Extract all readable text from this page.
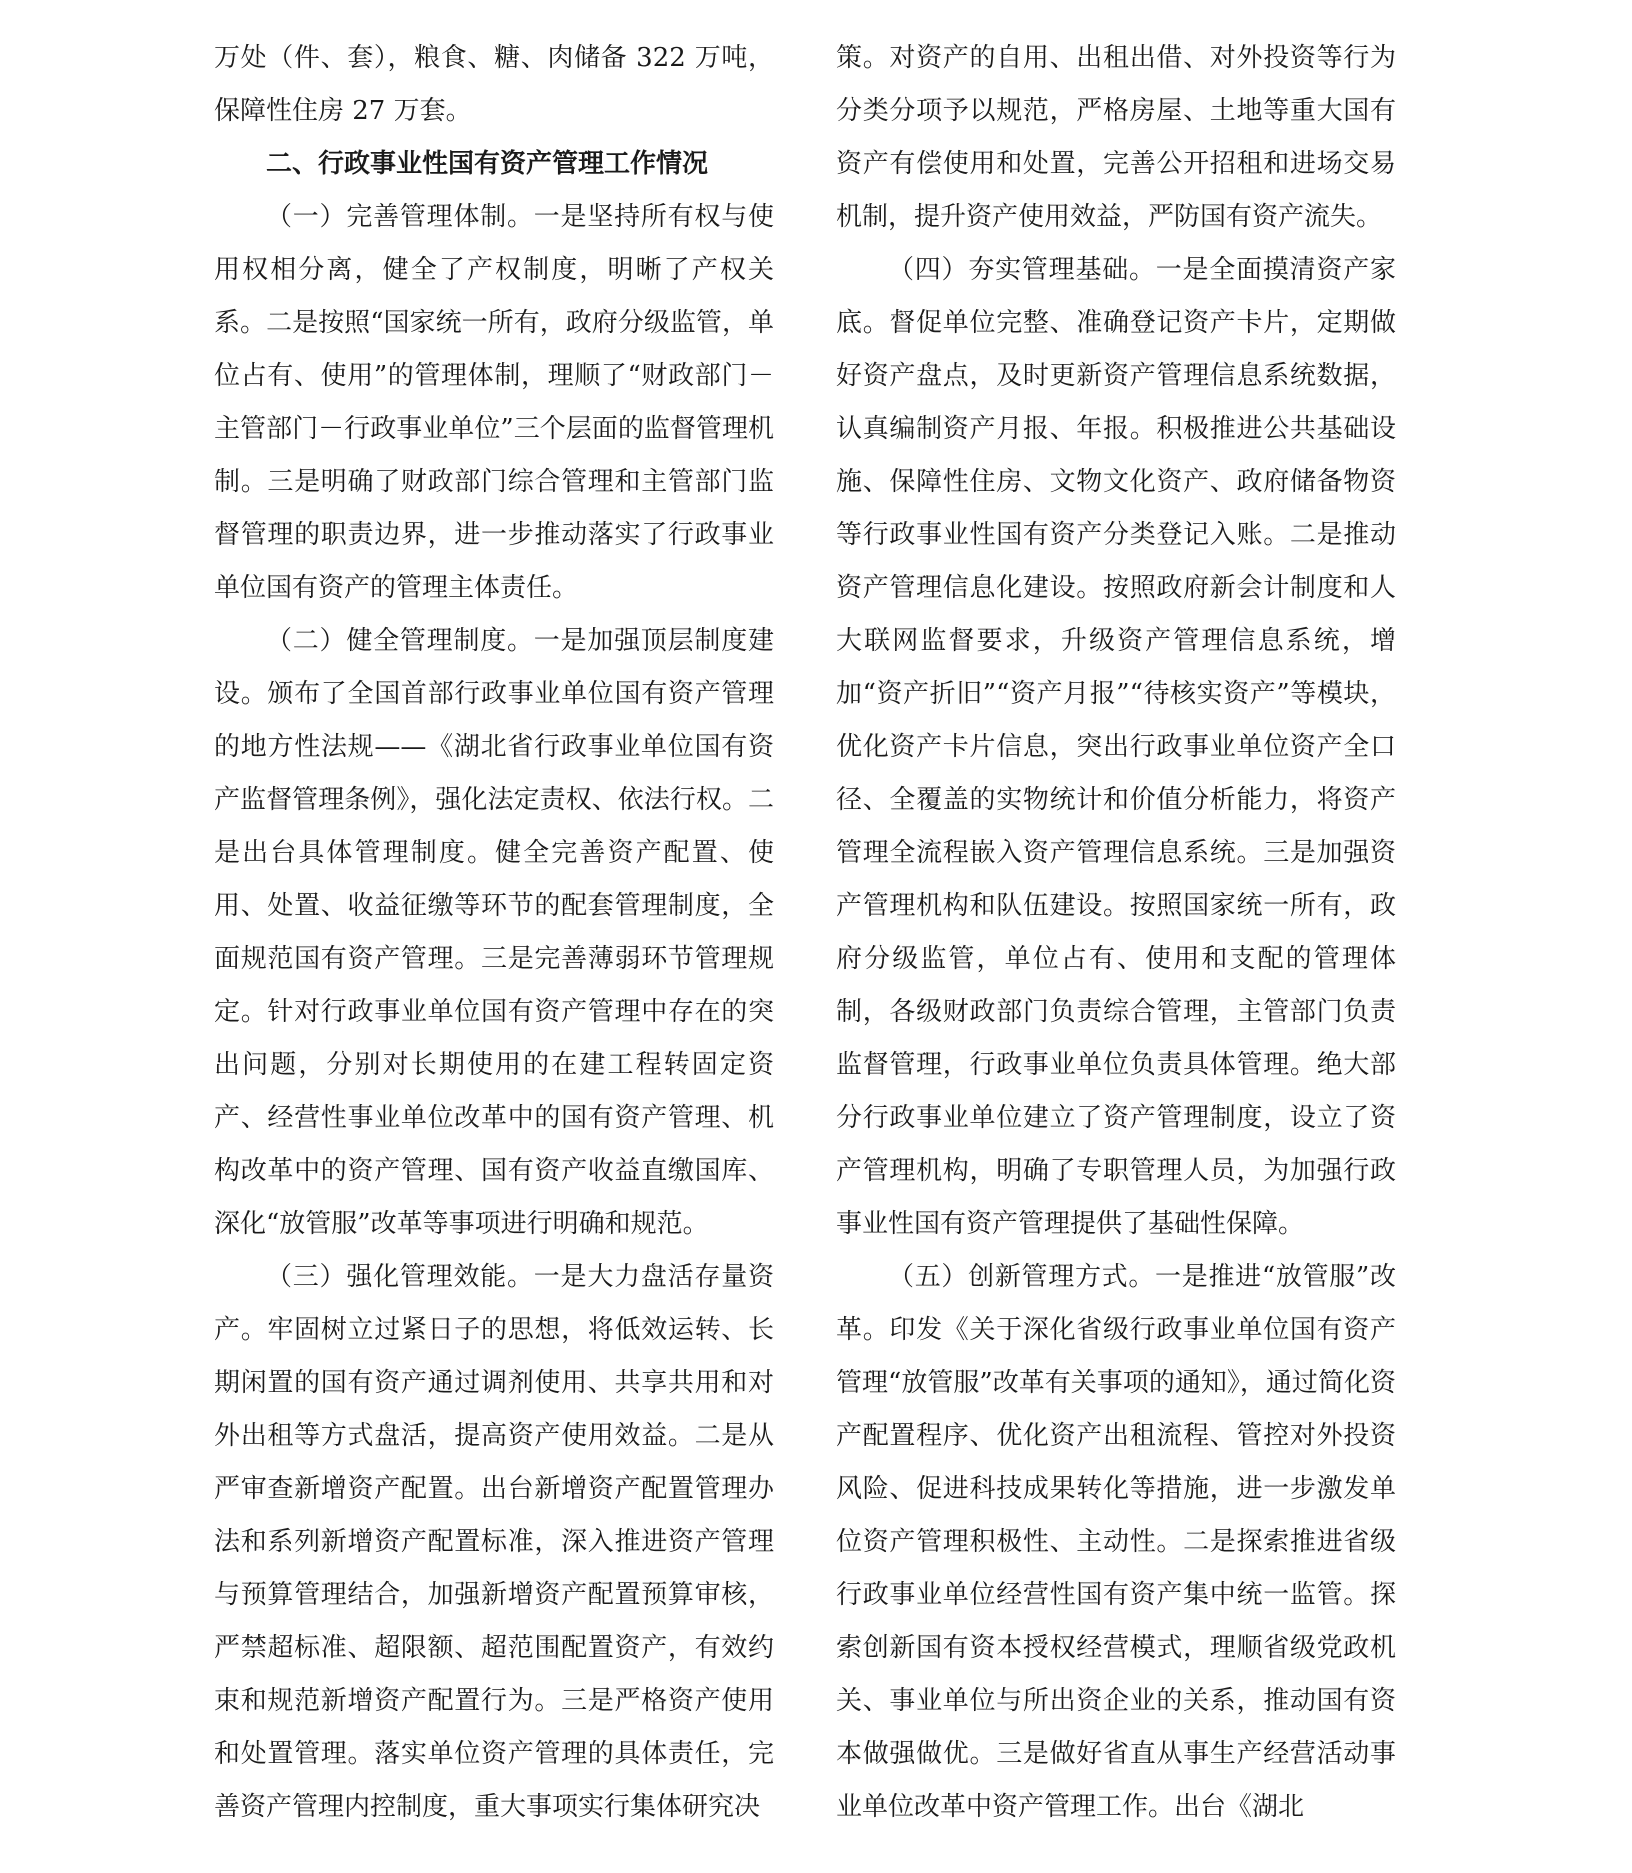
万处（件、套），粮食、糖、肉储备 322 万吨，保障性住房 27 万套。

二、行政事业性国有资产管理工作情况

（一）完善管理体制。一是坚持所有权与使用权相分离，健全了产权制度，明晰了产权关系。二是按照“国家统一所有，政府分级监管，单位占有、使用”的管理体制，理顺了“财政部门－主管部门－行政事业单位”三个层面的监督管理机制。三是明确了财政部门综合管理和主管部门监督管理的职责边界，进一步推动落实了行政事业单位国有资产的管理主体责任。

（二）健全管理制度。一是加强顶层制度建设。颁布了全国首部行政事业单位国有资产管理的地方性法规——《湖北省行政事业单位国有资产监督管理条例》，强化法定责权、依法行权。二是出台具体管理制度。健全完善资产配置、使用、处置、收益征缴等环节的配套管理制度，全面规范国有资产管理。三是完善薄弱环节管理规定。针对行政事业单位国有资产管理中存在的突出问题，分别对长期使用的在建工程转固定资产、经营性事业单位改革中的国有资产管理、机构改革中的资产管理、国有资产收益直缴国库、深化“放管服”改革等事项进行明确和规范。

（三）强化管理效能。一是大力盘活存量资产。牢固树立过紧日子的思想，将低效运转、长期闲置的国有资产通过调剂使用、共享共用和对外出租等方式盘活，提高资产使用效益。二是从严审查新增资产配置。出台新增资产配置管理办法和系列新增资产配置标准，深入推进资产管理与预算管理结合，加强新增资产配置预算审核，严禁超标准、超限额、超范围配置资产，有效约束和规范新增资产配置行为。三是严格资产使用和处置管理。落实单位资产管理的具体责任，完善资产管理内控制度，重大事项实行集体研究决

策。对资产的自用、出租出借、对外投资等行为分类分项予以规范，严格房屋、土地等重大国有资产有偿使用和处置，完善公开招租和进场交易机制，提升资产使用效益，严防国有资产流失。

（四）夯实管理基础。一是全面摸清资产家底。督促单位完整、准确登记资产卡片，定期做好资产盘点，及时更新资产管理信息系统数据，认真编制资产月报、年报。积极推进公共基础设施、保障性住房、文物文化资产、政府储备物资等行政事业性国有资产分类登记入账。二是推动资产管理信息化建设。按照政府新会计制度和人大联网监督要求，升级资产管理信息系统，增加“资产折旧”“资产月报”“待核实资产”等模块，优化资产卡片信息，突出行政事业单位资产全口径、全覆盖的实物统计和价值分析能力，将资产管理全流程嵌入资产管理信息系统。三是加强资产管理机构和队伍建设。按照国家统一所有，政府分级监管，单位占有、使用和支配的管理体制，各级财政部门负责综合管理，主管部门负责监督管理，行政事业单位负责具体管理。绝大部分行政事业单位建立了资产管理制度，设立了资产管理机构，明确了专职管理人员，为加强行政事业性国有资产管理提供了基础性保障。

（五）创新管理方式。一是推进“放管服”改革。印发《关于深化省级行政事业单位国有资产管理“放管服”改革有关事项的通知》，通过简化资产配置程序、优化资产出租流程、管控对外投资风险、促进科技成果转化等措施，进一步激发单位资产管理积极性、主动性。二是探索推进省级行政事业单位经营性国有资产集中统一监管。探索创新国有资本授权经营模式，理顺省级党政机关、事业单位与所出资企业的关系，推动国有资本做强做优。三是做好省直从事生产经营活动事业单位改革中资产管理工作。出台《湖北
